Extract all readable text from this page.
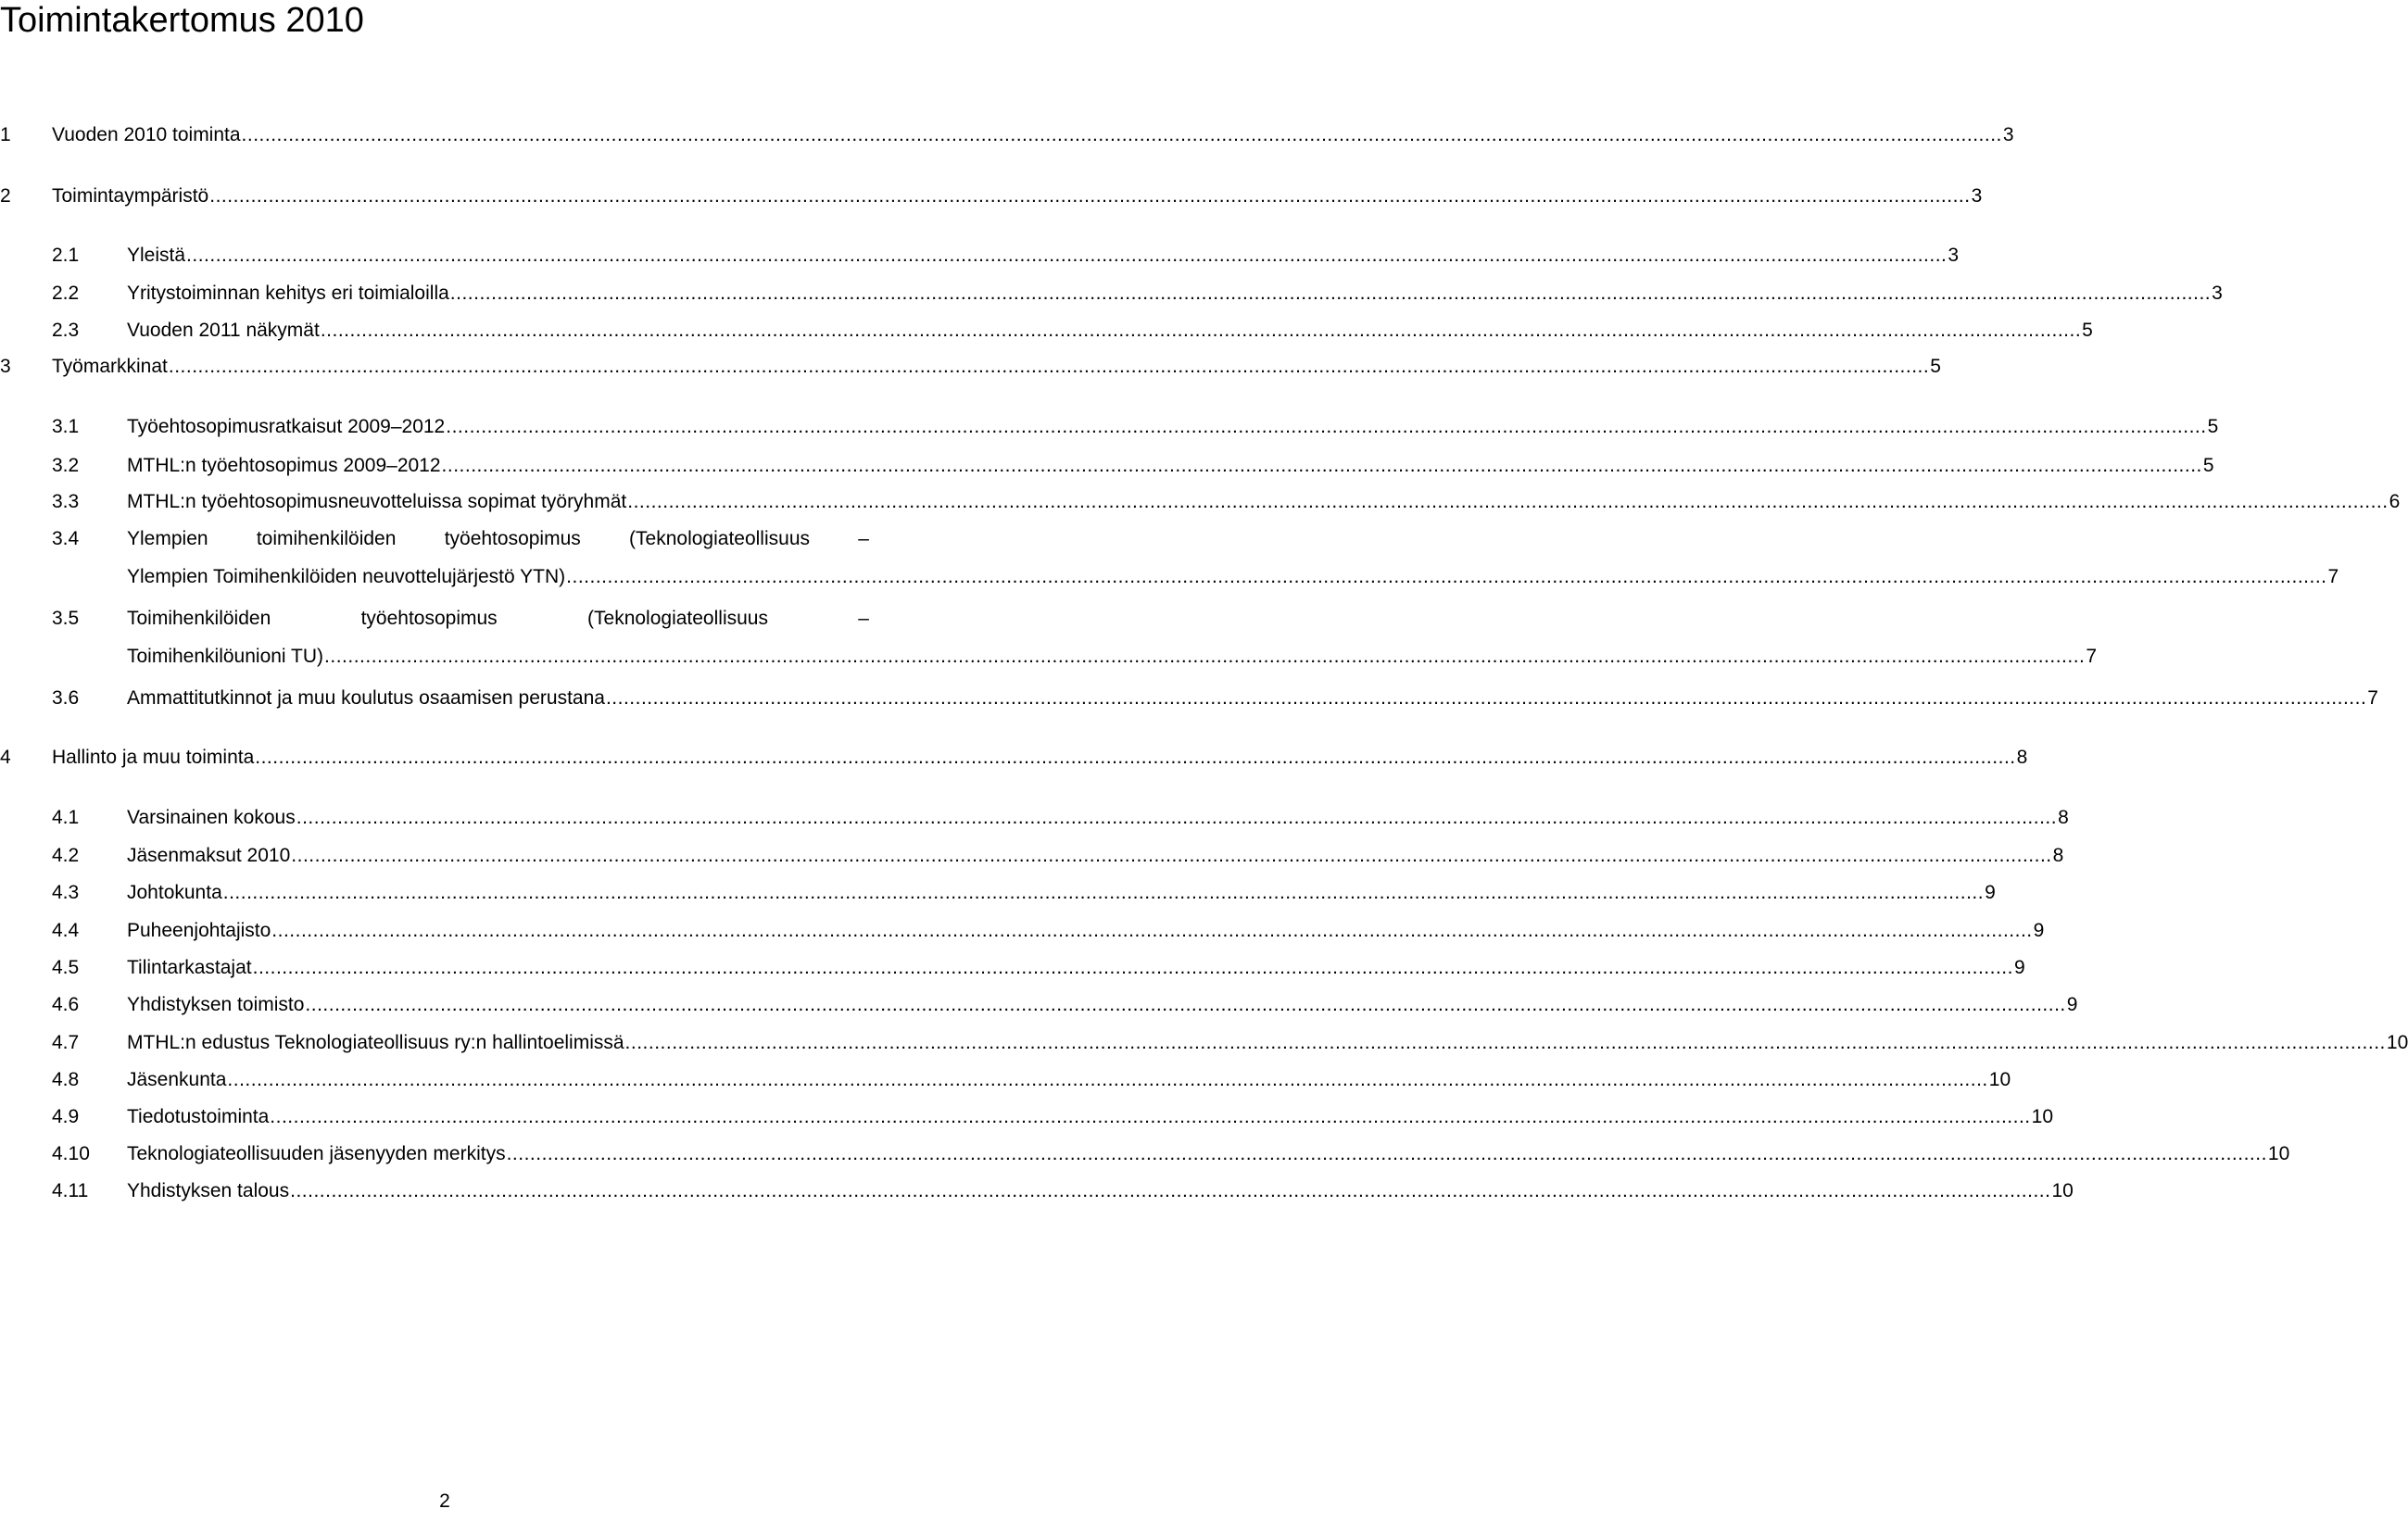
Toimintakertomus 2010
1 Vuoden 2010 toiminta ............................................................................................................................................................................................................................................................................................................ 3
2 Toimintaympäristö ............................................................................................................................................................................................................................................................................................................ 3
2.1 Yleistä ............................................................................................................................................................................................................................................................................................................ 3
2.2 Yritystoiminnan kehitys eri toimialoilla ............................................................................................................................................................................................................................................................................................................ 3
2.3 Vuoden 2011 näkymät ............................................................................................................................................................................................................................................................................................................ 5
3 Työmarkkinat ............................................................................................................................................................................................................................................................................................................ 5
3.1 Työehtosopimusratkaisut 2009–2012 ............................................................................................................................................................................................................................................................................................................ 5
3.2 MTHL:n työehtosopimus 2009–2012 ............................................................................................................................................................................................................................................................................................................ 5
3.3 MTHL:n työehtosopimusneuvotteluissa sopimat työryhmät ............................................................................................................................................................................................................................................................................................................ 6
3.4 Ylempien toimihenkilöiden työehtosopimus (Teknologiateollisuus –
Ylempien Toimihenkilöiden neuvottelujärjestö YTN) ............................................................................................................................................................................................................................................................................................................ 7
3.5 Toimihenkilöiden	työehtosopimus	(Teknologiateollisuus	–
Toimihenkilöunioni TU) ............................................................................................................................................................................................................................................................................................................ 7
3.6 Ammattitutkinnot ja muu koulutus osaamisen perustana ............................................................................................................................................................................................................................................................................................................ 7
4 Hallinto ja muu toiminta ............................................................................................................................................................................................................................................................................................................ 8
4.1 Varsinainen kokous ............................................................................................................................................................................................................................................................................................................ 8
4.2 Jäsenmaksut 2010 ............................................................................................................................................................................................................................................................................................................ 8
4.3 Johtokunta ............................................................................................................................................................................................................................................................................................................ 9
4.4 Puheenjohtajisto ............................................................................................................................................................................................................................................................................................................ 9
4.5 Tilintarkastajat ............................................................................................................................................................................................................................................................................................................ 9
4.6 Yhdistyksen toimisto ............................................................................................................................................................................................................................................................................................................ 9
4.7 MTHL:n edustus Teknologiateollisuus ry:n hallintoelimissä ............................................................................................................................................................................................................................................................................................................ 10
4.8 Jäsenkunta ............................................................................................................................................................................................................................................................................................................ 10
4.9 Tiedotustoiminta ............................................................................................................................................................................................................................................................................................................ 10
4.10 Teknologiateollisuuden jäsenyyden merkitys ............................................................................................................................................................................................................................................................................................................ 10
4.11 Yhdistyksen talous ............................................................................................................................................................................................................................................................................................................ 10
2
